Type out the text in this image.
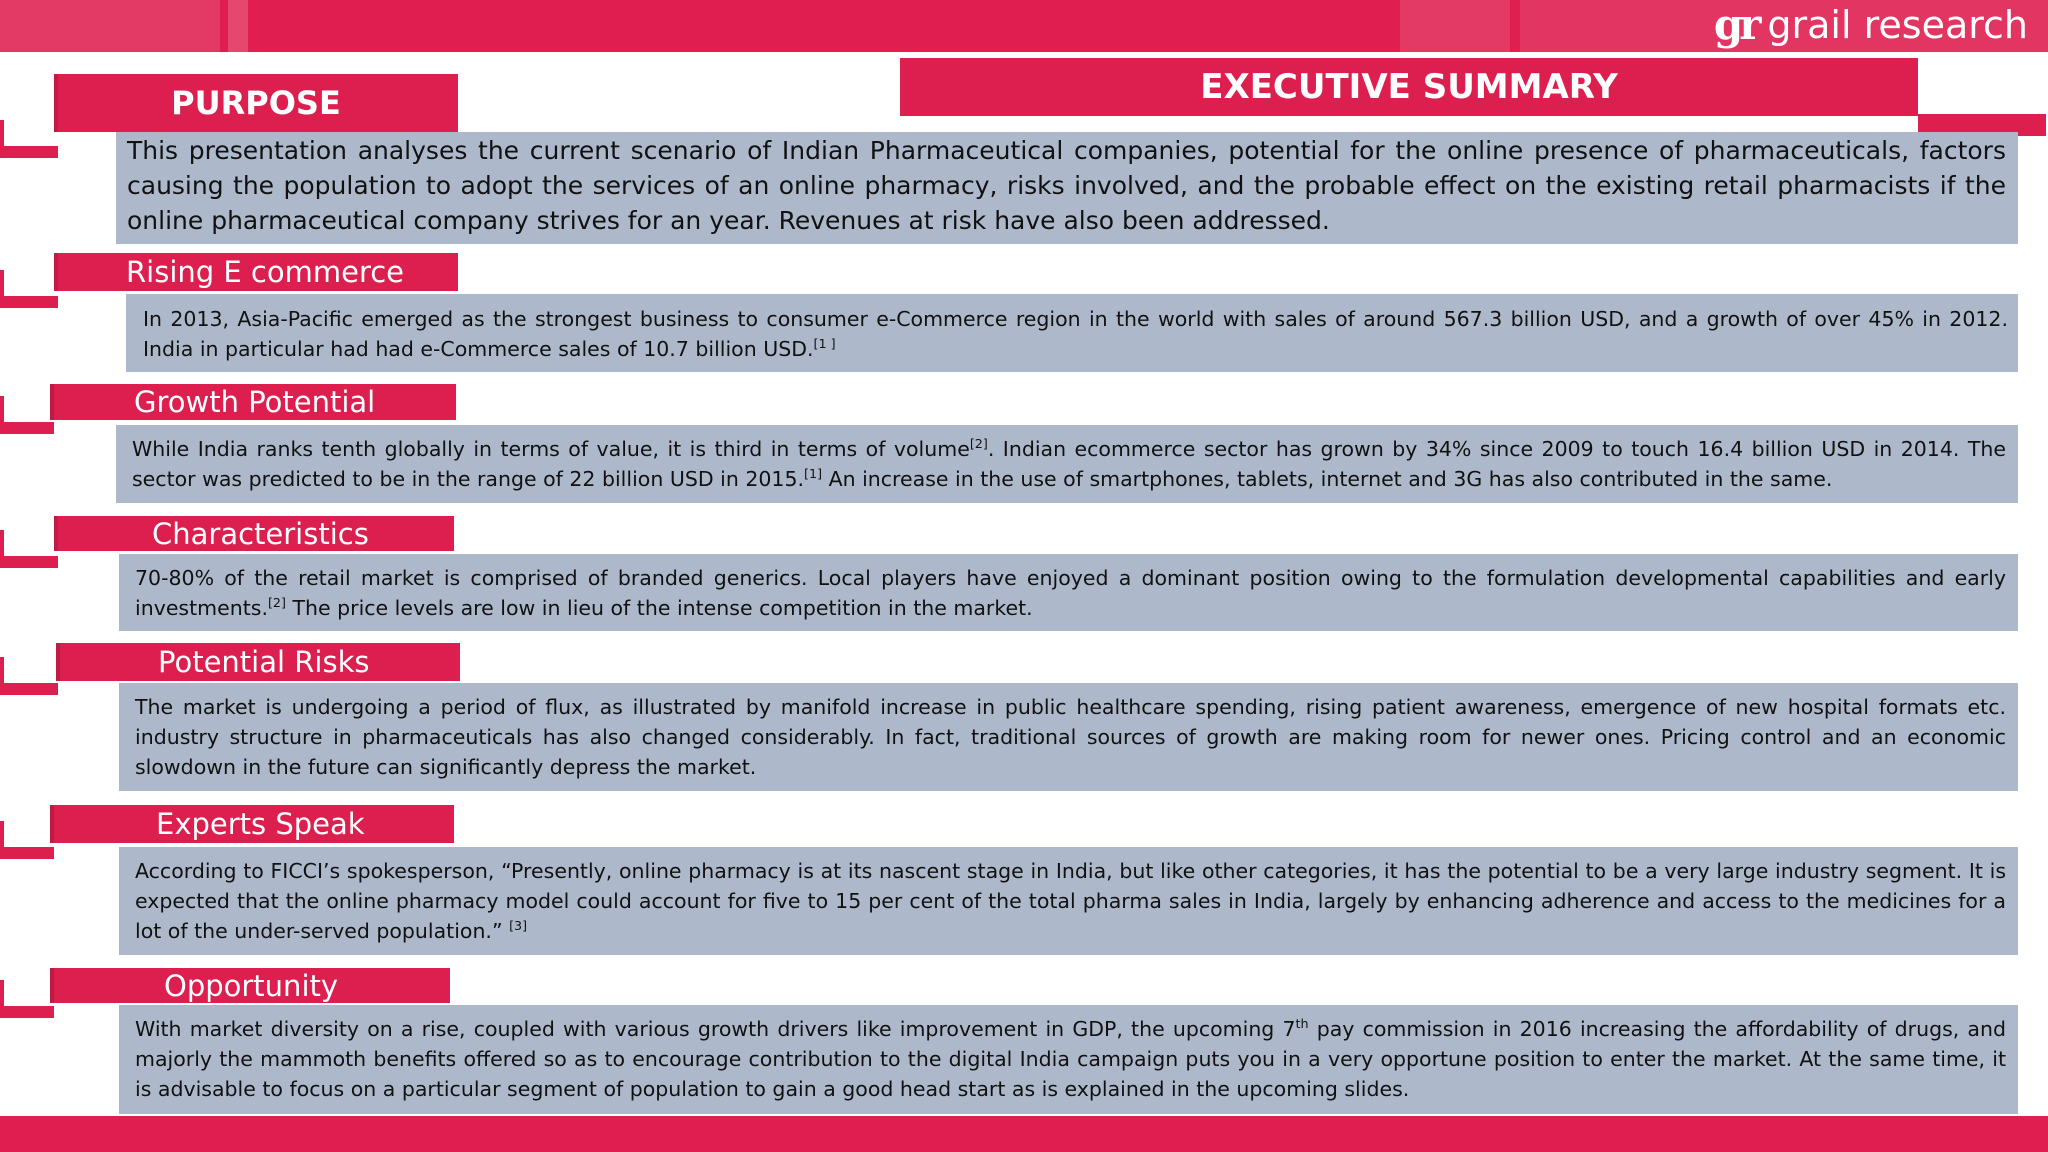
gr grail research
EXECUTIVE SUMMARY
PURPOSE

This presentation analyses the current scenario of Indian Pharmaceutical companies, potential for the online presence of pharmaceuticals, factors causing the population to adopt the services of an online pharmacy, risks involved, and the probable effect on the existing retail pharmacists if the online pharmaceutical company strives for an year. Revenues at risk have also been addressed.

Rising E commerce

In 2013, Asia-Pacific emerged as the strongest business to consumer e-Commerce region in the world with sales of around 567.3 billion USD, and a growth of over 45% in 2012. India in particular had had e-Commerce sales of 10.7 billion USD.[1 ]

Growth Potential

While India ranks tenth globally in terms of value, it is third in terms of volume[2]. Indian ecommerce sector has grown by 34% since 2009 to touch 16.4 billion USD in 2014. The sector was predicted to be in the range of 22 billion USD in 2015.[1] An increase in the use of smartphones, tablets, internet and 3G has also contributed in the same.

Characteristics

70-80% of the retail market is comprised of branded generics. Local players have enjoyed a dominant position owing to the formulation developmental capabilities and early investments.[2] The price levels are low in lieu of the intense competition in the market.

Potential Risks

The market is undergoing a period of flux, as illustrated by manifold increase in public healthcare spending, rising patient awareness, emergence of new hospital formats etc. industry structure in pharmaceuticals has also changed considerably. In fact, traditional sources of growth are making room for newer ones. Pricing control and an economic slowdown in the future can significantly depress the market.

Experts Speak

According to FICCI’s spokesperson, “Presently, online pharmacy is at its nascent stage in India, but like other categories, it has the potential to be a very large industry segment. It is expected that the online pharmacy model could account for five to 15 per cent of the total pharma sales in India, largely by enhancing adherence and access to the medicines for a lot of the under-served population.” [3]

Opportunity

With market diversity on a rise, coupled with various growth drivers like improvement in GDP, the upcoming 7th pay commission in 2016 increasing the affordability of drugs, and majorly the mammoth benefits offered so as to encourage contribution to the digital India campaign puts you in a very opportune position to enter the market. At the same time, it is advisable to focus on a particular segment of population to gain a good head start as is explained in the upcoming slides.
